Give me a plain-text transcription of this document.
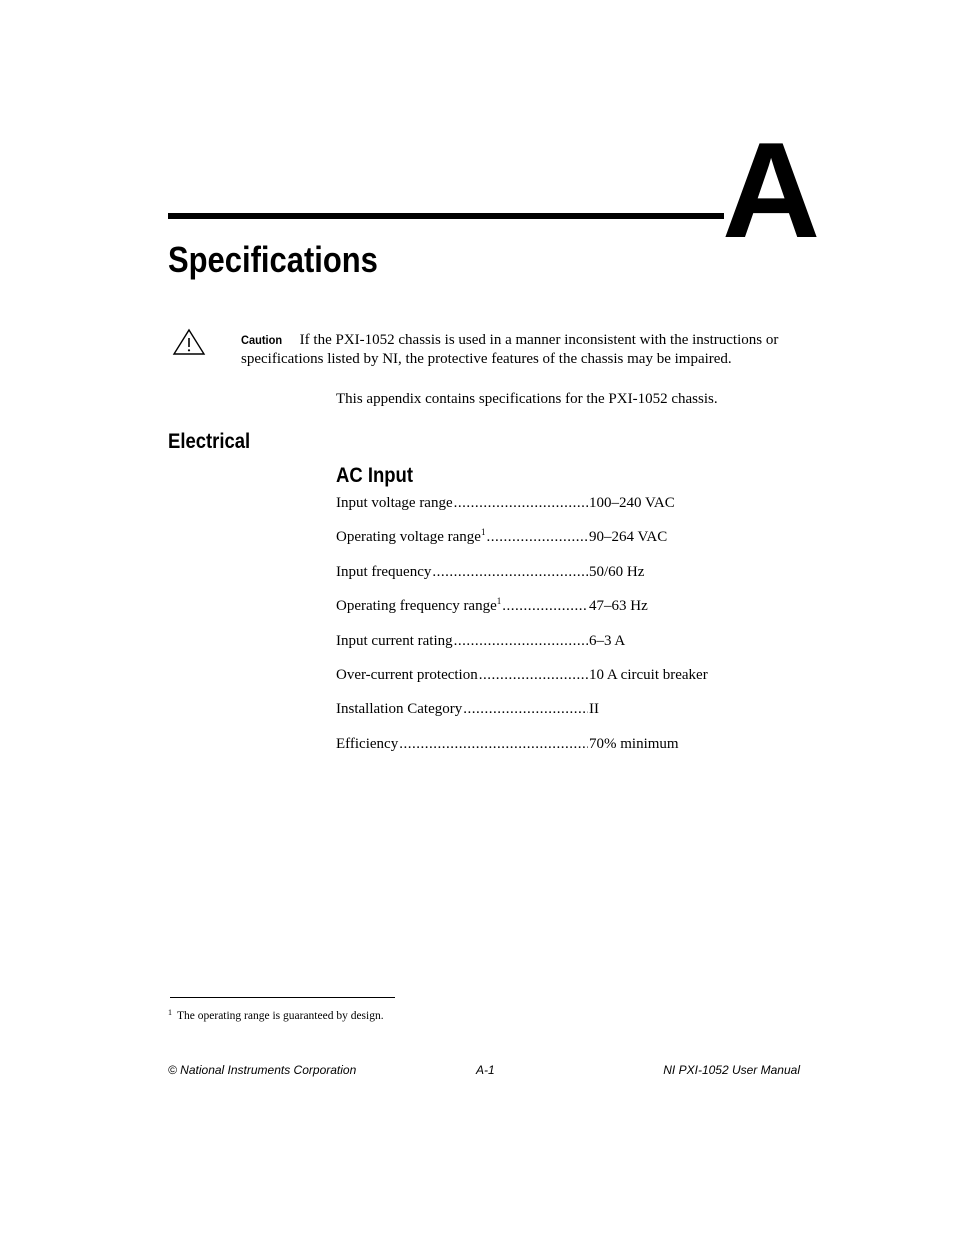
A
Specifications
Caution If the PXI-1052 chassis is used in a manner inconsistent with the instructions or specifications listed by NI, the protective features of the chassis may be impaired.

This appendix contains specifications for the PXI-1052 chassis.

Electrical
AC Input
Input voltage range .....	100–240 VAC
Operating voltage range$^1$ .....	90–264 VAC
Input frequency .....	50/60 Hz
Operating frequency range$^1$ .....	47–63 Hz
Input current rating .....	6–3 A
Over-current protection .....	10 A circuit breaker
Installation Category .....	II
Efficiency .....	70% minimum

$^1$ The operating range is guaranteed by design.

© National Instruments Corporation	A-1	NI PXI-1052 User Manual
